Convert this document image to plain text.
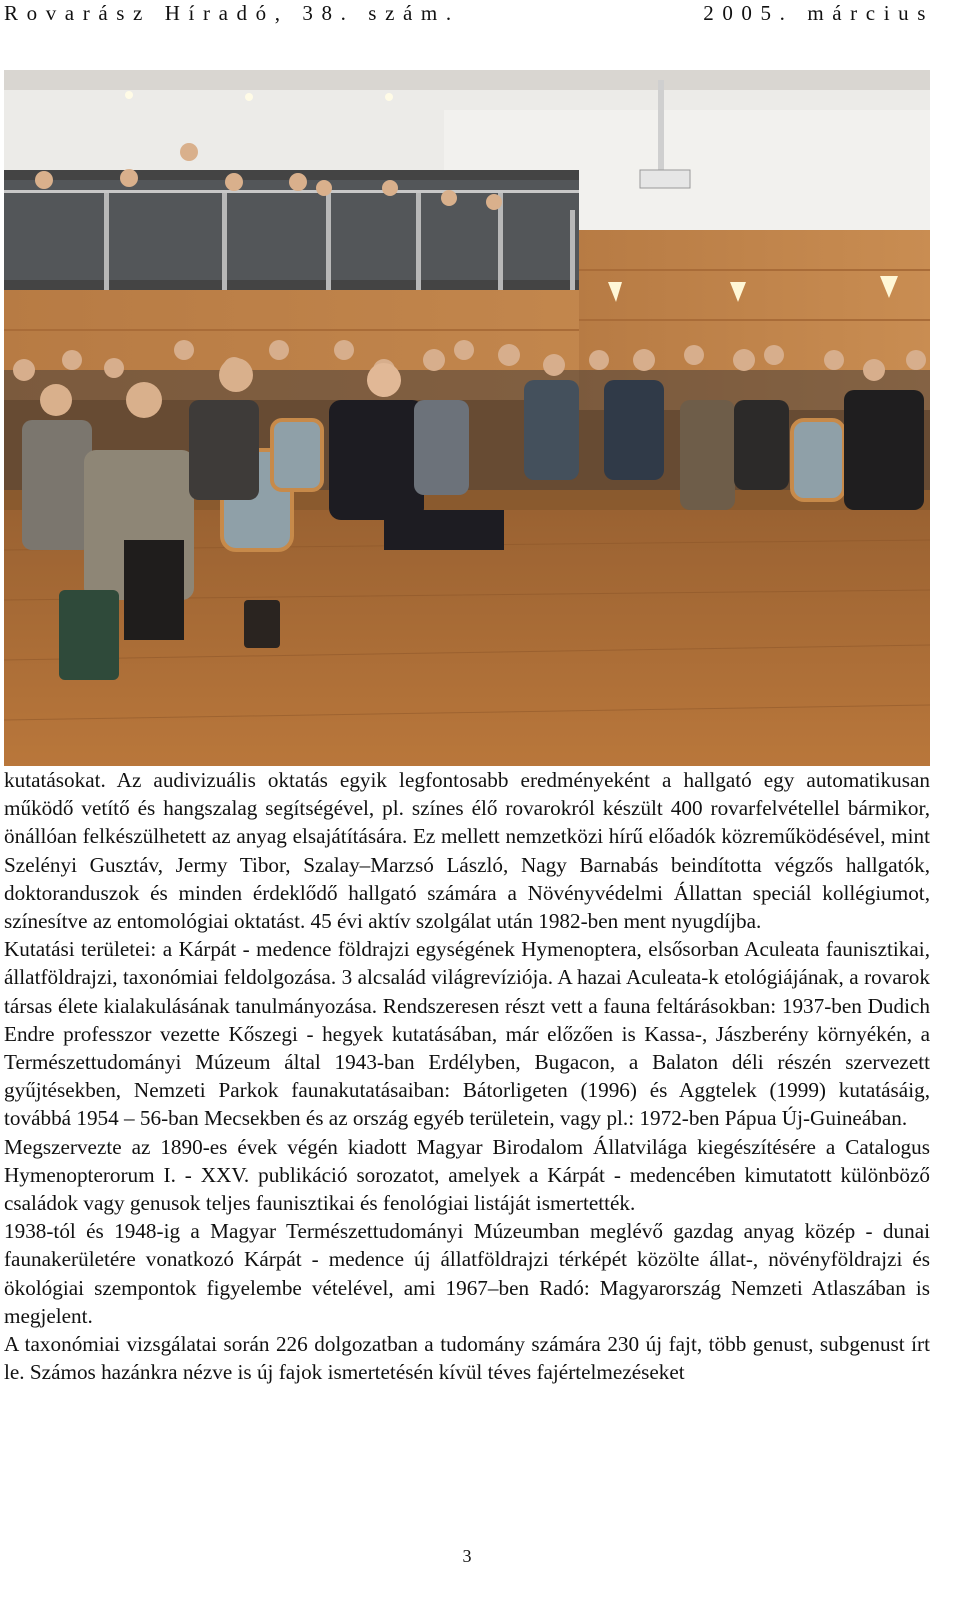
Rovarász Híradó, 38. szám.	2005. március

kutatásokat. Az audivizuális oktatás egyik legfontosabb eredményeként a hallgató egy automatikusan működő vetítő és hangszalag segítségével, pl. színes élő rovarokról készült 400 rovarfelvétellel bármikor, önállóan felkészülhetett az anyag elsajátítására. Ez mellett nemzetközi hírű előadók közreműködésével, mint Szelényi Gusztáv, Jermy Tibor, Szalay–Marzsó László, Nagy Barnabás beindította végzős hallgatók, doktoranduszok és minden érdeklődő hallgató számára a Növényvédelmi Állattan speciál kollégiumot, színesítve az entomológiai oktatást. 45 évi aktív szolgálat után 1982-ben ment nyugdíjba.

Kutatási területei: a Kárpát - medence földrajzi egységének Hymenoptera, elsősorban Aculeata faunisztikai, állatföldrajzi, taxonómiai feldolgozása. 3 alcsalád világrevíziója. A hazai Aculeata-k etológiájának, a rovarok társas élete kialakulásának tanulmányozása. Rendszeresen részt vett a fauna feltárásokban: 1937-ben Dudich Endre professzor vezette Kőszegi - hegyek kutatásában, már előzően is Kassa-, Jászberény környékén, a Természettudományi Múzeum által 1943-ban Erdélyben, Bugacon, a Balaton déli részén szervezett gyűjtésekben, Nemzeti Parkok faunakutatásaiban: Bátorligeten (1996) és Aggtelek (1999) kutatásáig, továbbá 1954 – 56-ban Mecsekben és az ország egyéb területein, vagy pl.: 1972-ben Pápua Új-Guineában.

Megszervezte az 1890-es évek végén kiadott Magyar Birodalom Állatvilága kiegészítésére a Catalogus Hymenopterorum I. - XXV. publikáció sorozatot, amelyek a Kárpát - medencében kimutatott különböző családok vagy genusok teljes faunisztikai és fenológiai listáját ismertették.

1938-tól és 1948-ig a Magyar Természettudományi Múzeumban meglévő gazdag anyag közép - dunai faunakerületére vonatkozó Kárpát - medence új állatföldrajzi térképét közölte állat-, növényföldrajzi és ökológiai szempontok figyelembe vételével, ami 1967–ben Radó: Magyarország Nemzeti Atlaszában is megjelent.

A taxonómiai vizsgálatai során 226 dolgozatban a tudomány számára 230 új fajt, több genust, subgenust írt le. Számos hazánkra nézve is új fajok ismertetésén kívül téves fajértelmezéseket

3
